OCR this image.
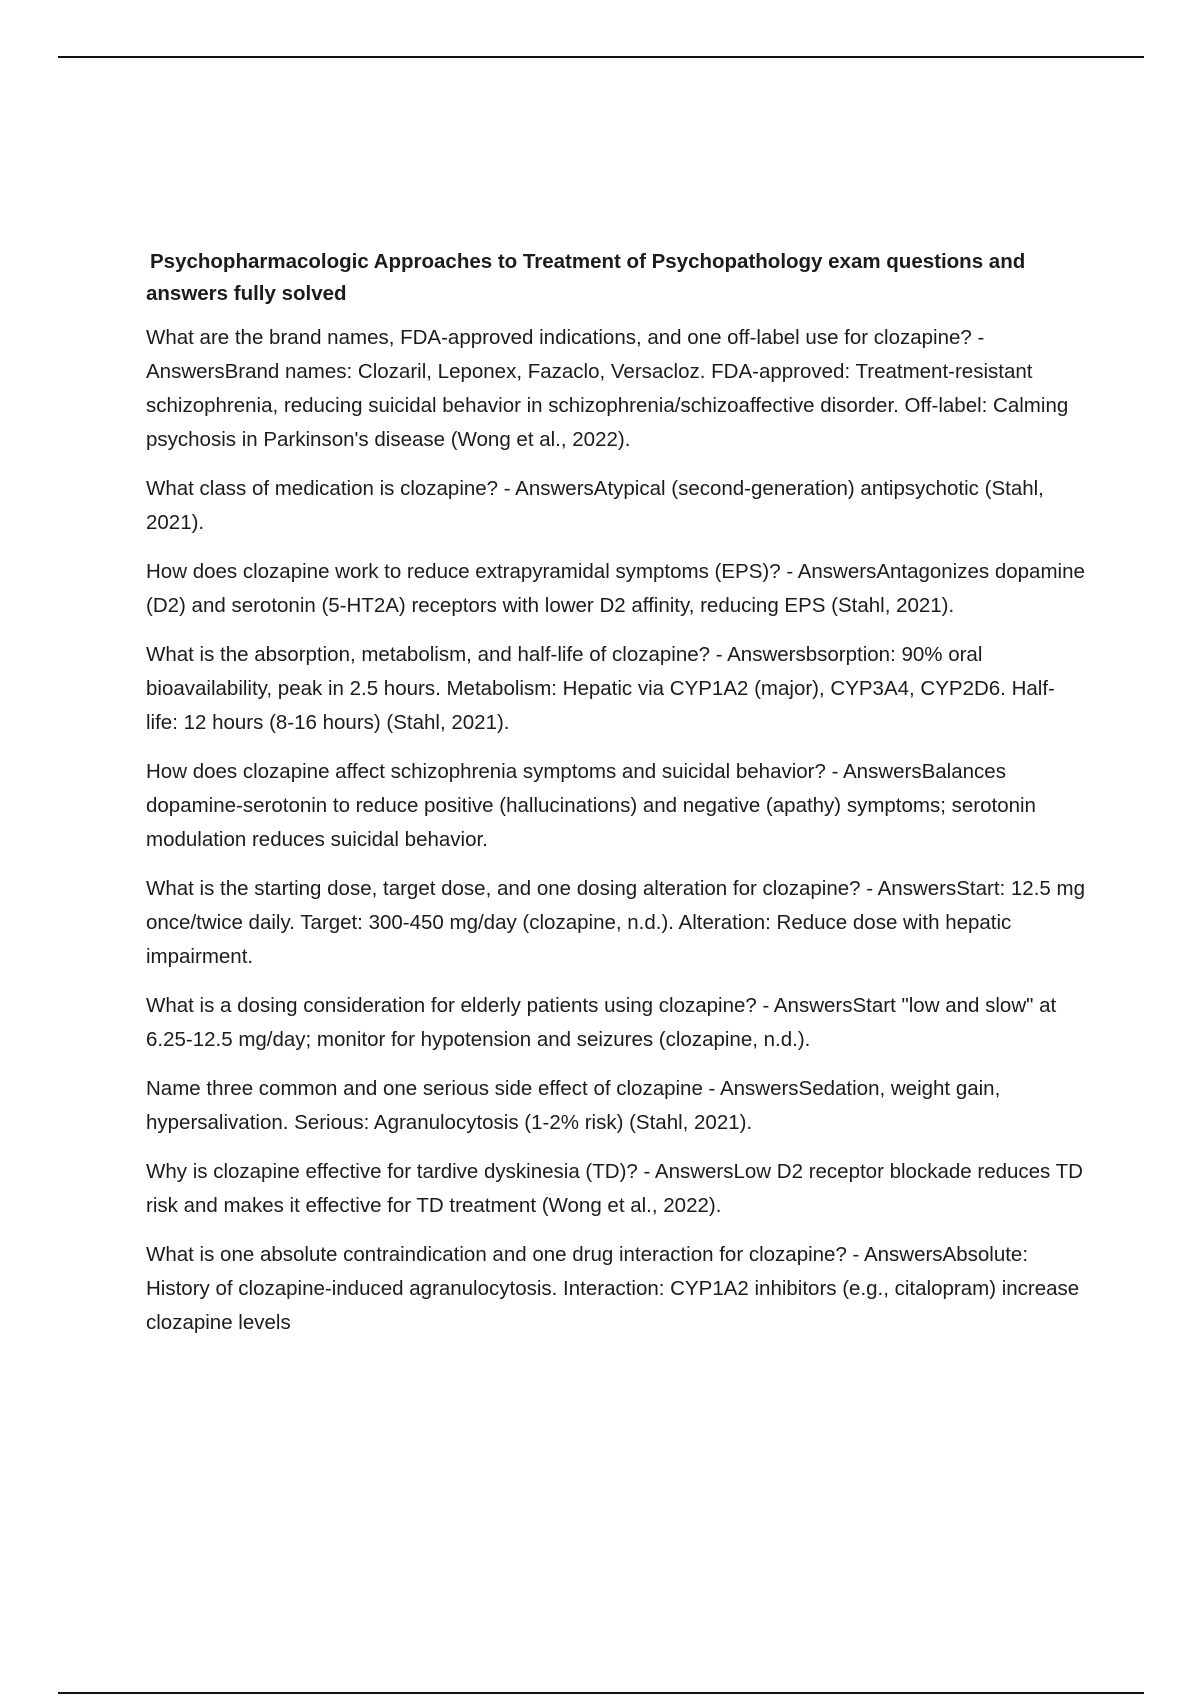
Psychopharmacologic Approaches to Treatment of Psychopathology exam questions and
answers fully solved

What are the brand names, FDA-approved indications, and one off-label use for clozapine? - AnswersBrand names: Clozaril, Leponex, Fazaclo, Versacloz. FDA-approved: Treatment-resistant schizophrenia, reducing suicidal behavior in schizophrenia/schizoaffective disorder. Off-label: Calming psychosis in Parkinson's disease (Wong et al., 2022).

What class of medication is clozapine? - AnswersAtypical (second-generation) antipsychotic (Stahl, 2021).

How does clozapine work to reduce extrapyramidal symptoms (EPS)? - AnswersAntagonizes dopamine (D2) and serotonin (5-HT2A) receptors with lower D2 affinity, reducing EPS (Stahl, 2021).

What is the absorption, metabolism, and half-life of clozapine? - Answersbsorption: 90% oral bioavailability, peak in 2.5 hours. Metabolism: Hepatic via CYP1A2 (major), CYP3A4, CYP2D6. Half-life: 12 hours (8-16 hours) (Stahl, 2021).

How does clozapine affect schizophrenia symptoms and suicidal behavior? - AnswersBalances dopamine-serotonin to reduce positive (hallucinations) and negative (apathy) symptoms; serotonin modulation reduces suicidal behavior.

What is the starting dose, target dose, and one dosing alteration for clozapine? - AnswersStart: 12.5 mg once/twice daily. Target: 300-450 mg/day (clozapine, n.d.). Alteration: Reduce dose with hepatic impairment.

What is a dosing consideration for elderly patients using clozapine? - AnswersStart "low and slow" at 6.25-12.5 mg/day; monitor for hypotension and seizures (clozapine, n.d.).

Name three common and one serious side effect of clozapine - AnswersSedation, weight gain, hypersalivation. Serious: Agranulocytosis (1-2% risk) (Stahl, 2021).

Why is clozapine effective for tardive dyskinesia (TD)? - AnswersLow D2 receptor blockade reduces TD risk and makes it effective for TD treatment (Wong et al., 2022).

What is one absolute contraindication and one drug interaction for clozapine? - AnswersAbsolute: History of clozapine-induced agranulocytosis. Interaction: CYP1A2 inhibitors (e.g., citalopram) increase clozapine levels
